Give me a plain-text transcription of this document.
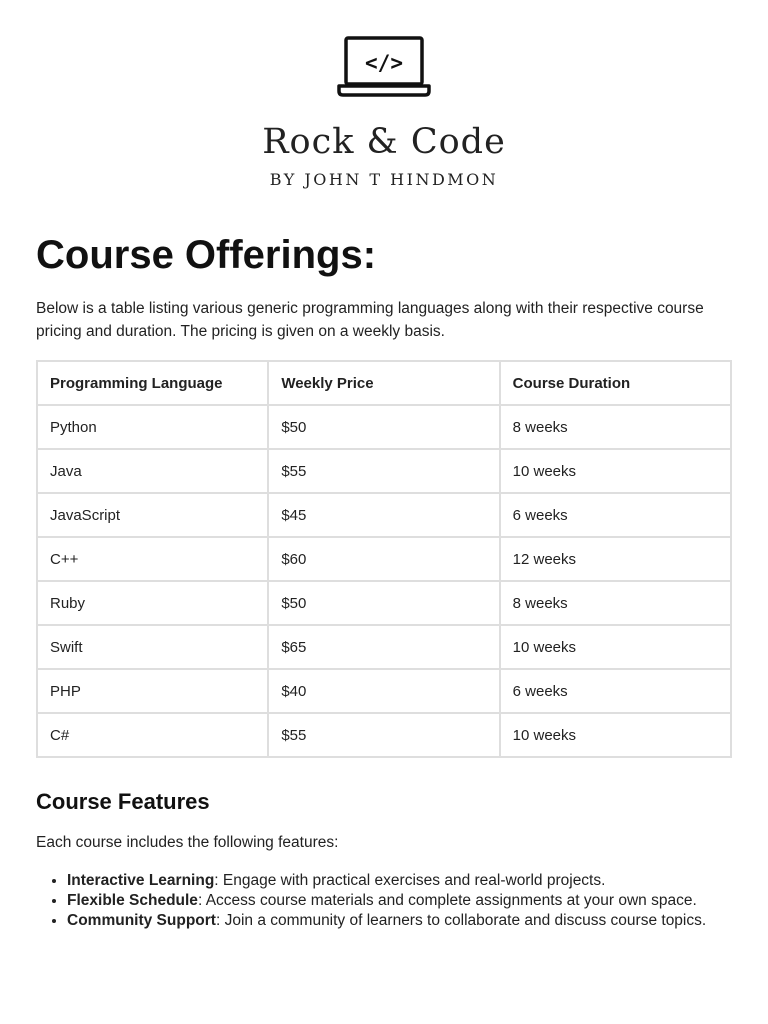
</>
Rock & Code
BY JOHN T HINDMON
Course Offerings:

Below is a table listing various generic programming languages along with their respective course pricing and duration. The pricing is given on a weekly basis.

Programming Language	Weekly Price	Course Duration
Python	$50	8 weeks
Java	$55	10 weeks
JavaScript	$45	6 weeks
C++	$60	12 weeks
Ruby	$50	8 weeks
Swift	$65	10 weeks
PHP	$40	6 weeks
C#	$55	10 weeks
Course Features

Each course includes the following features:

• Interactive Learning: Engage with practical exercises and real-world projects.
• Flexible Schedule: Access course materials and complete assignments at your own space.
• Community Support: Join a community of learners to collaborate and discuss course topics.
